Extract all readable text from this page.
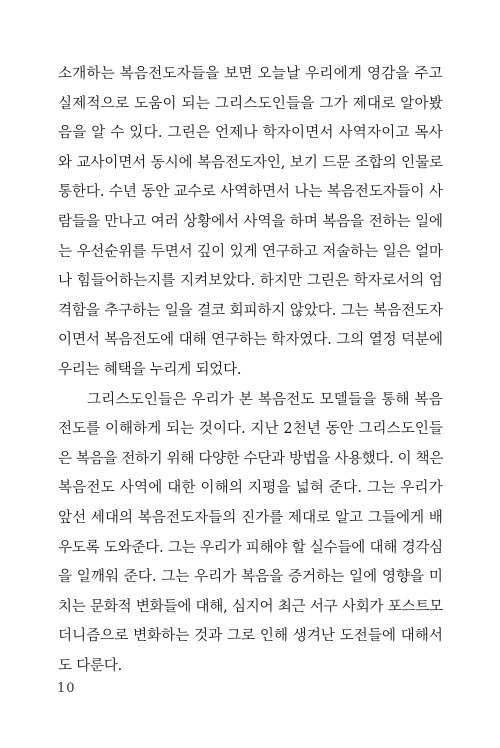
소개하는 복음전도자들을 보면 오늘날 우리에게 영감을 주고
실제적으로 도움이 되는 그리스도인들을 그가 제대로 알아봤
음을 알 수 있다. 그린은 언제나 학자이면서 사역자이고 목사
와 교사이면서 동시에 복음전도자인, 보기 드문 조합의 인물로
통한다. 수년 동안 교수로 사역하면서 나는 복음전도자들이 사
람들을 만나고 여러 상황에서 사역을 하며 복음을 전하는 일에
는 우선순위를 두면서 깊이 있게 연구하고 저술하는 일은 얼마
나 힘들어하는지를 지켜보았다. 하지만 그린은 학자로서의 엄
격함을 추구하는 일을 결코 회피하지 않았다. 그는 복음전도자
이면서 복음전도에 대해 연구하는 학자였다. 그의 열정 덕분에
우리는 혜택을 누리게 되었다.
그리스도인들은 우리가 본 복음전도 모델들을 통해 복음
전도를 이해하게 되는 것이다. 지난 2천년 동안 그리스도인들
은 복음을 전하기 위해 다양한 수단과 방법을 사용했다. 이 책은
복음전도 사역에 대한 이해의 지평을 넓혀 준다. 그는 우리가
앞선 세대의 복음전도자들의 진가를 제대로 알고 그들에게 배
우도록 도와준다. 그는 우리가 피해야 할 실수들에 대해 경각심
을 일깨워 준다. 그는 우리가 복음을 증거하는 일에 영향을 미
치는 문화적 변화들에 대해, 심지어 최근 서구 사회가 포스트모
더니즘으로 변화하는 것과 그로 인해 생겨난 도전들에 대해서
도 다룬다.
10
